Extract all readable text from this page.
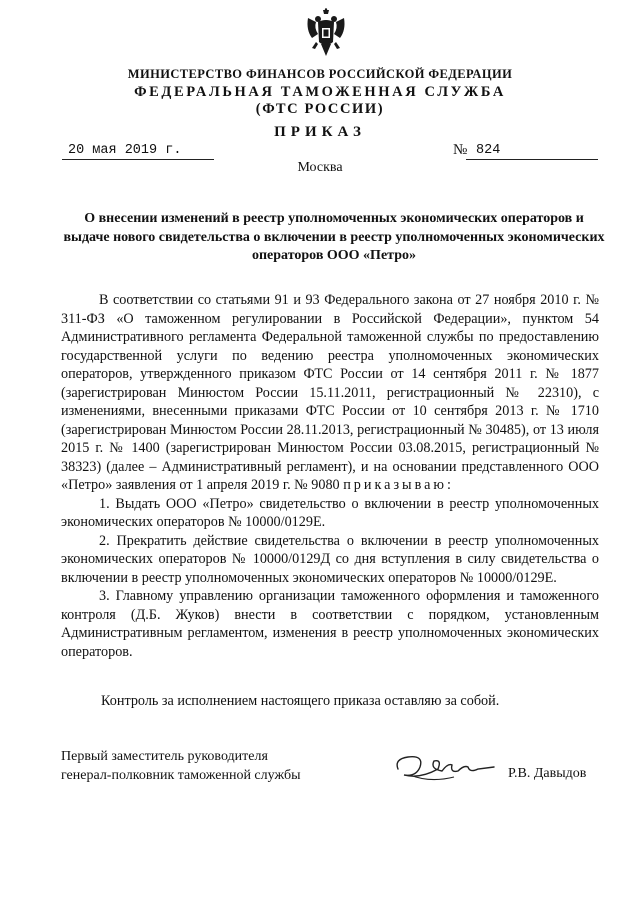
МИНИСТЕРСТВО ФИНАНСОВ РОССИЙСКОЙ ФЕДЕРАЦИИ
ФЕДЕРАЛЬНАЯ ТАМОЖЕННАЯ СЛУЖБА
(ФТС РОССИИ)
ПРИКАЗ
20 мая 2019 г.	№ 824
Москва
О внесении изменений в реестр уполномоченных экономических операторов и выдаче нового свидетельства о включении в реестр уполномоченных экономических операторов ООО «Петро»

В соответствии со статьями 91 и 93 Федерального закона от 27 ноября 2010 г. № 311-ФЗ «О таможенном регулировании в Российской Федерации», пунктом 54 Административного регламента Федеральной таможенной службы по предоставлению государственной услуги по ведению реестра уполномоченных экономических операторов, утвержденного приказом ФТС России от 14 сентября 2011 г. № 1877 (зарегистрирован Минюстом России 15.11.2011, регистрационный № 22310), с изменениями, внесенными приказами ФТС России от 10 сентября 2013 г. № 1710 (зарегистрирован Минюстом России 28.11.2013, регистрационный № 30485), от 13 июля 2015 г. № 1400 (зарегистрирован Минюстом России 03.08.2015, регистрационный № 38323) (далее – Административный регламент), и на основании представленного ООО «Петро» заявления от 1 апреля 2019 г. № 9080 приказываю:

1. Выдать ООО «Петро» свидетельство о включении в реестр уполномоченных экономических операторов № 10000/0129Е.

2. Прекратить действие свидетельства о включении в реестр уполномоченных экономических операторов № 10000/0129Д со дня вступления в силу свидетельства о включении в реестр уполномоченных экономических операторов № 10000/0129Е.

3. Главному управлению организации таможенного оформления и таможенного контроля (Д.Б. Жуков) внести в соответствии с порядком, установленным Административным регламентом, изменения в реестр уполномоченных экономических операторов.

Контроль за исполнением настоящего приказа оставляю за собой.
Первый заместитель руководителя
генерал-полковник таможенной службы	Р.В. Давыдов
